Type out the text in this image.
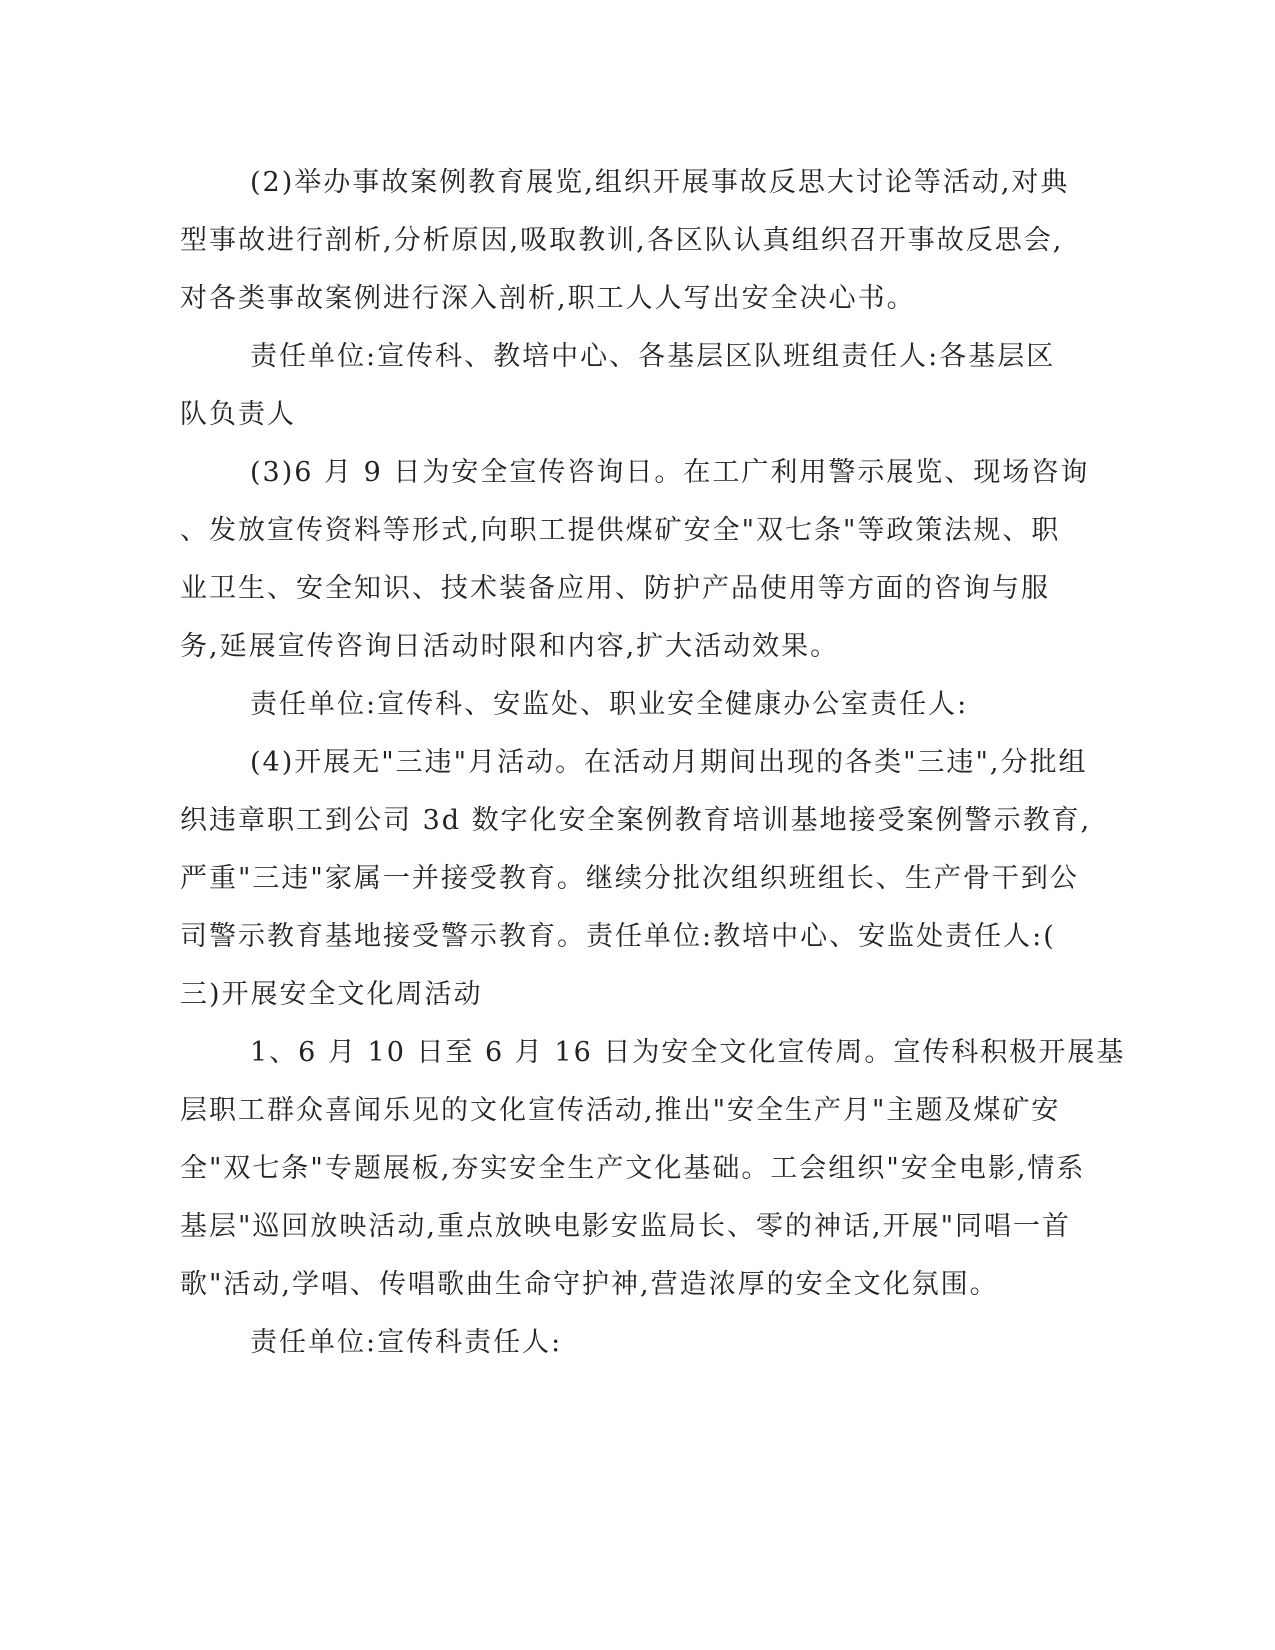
(2)举办事故案例教育展览,组织开展事故反思大讨论等活动,对典
型事故进行剖析,分析原因,吸取教训,各区队认真组织召开事故反思会,
对各类事故案例进行深入剖析,职工人人写出安全决心书。
责任单位:宣传科、教培中心、各基层区队班组责任人:各基层区
队负责人
(3)6 月 9 日为安全宣传咨询日。在工广利用警示展览、现场咨询
、发放宣传资料等形式,向职工提供煤矿安全"双七条"等政策法规、职
业卫生、安全知识、技术装备应用、防护产品使用等方面的咨询与服
务,延展宣传咨询日活动时限和内容,扩大活动效果。
责任单位:宣传科、安监处、职业安全健康办公室责任人:
(4)开展无"三违"月活动。在活动月期间出现的各类"三违",分批组
织违章职工到公司 3d 数字化安全案例教育培训基地接受案例警示教育,
严重"三违"家属一并接受教育。继续分批次组织班组长、生产骨干到公
司警示教育基地接受警示教育。责任单位:教培中心、安监处责任人:(
三)开展安全文化周活动
1、6 月 10 日至 6 月 16 日为安全文化宣传周。宣传科积极开展基
层职工群众喜闻乐见的文化宣传活动,推出"安全生产月"主题及煤矿安
全"双七条"专题展板,夯实安全生产文化基础。工会组织"安全电影,情系
基层"巡回放映活动,重点放映电影安监局长、零的神话,开展"同唱一首
歌"活动,学唱、传唱歌曲生命守护神,营造浓厚的安全文化氛围。
责任单位:宣传科责任人:
